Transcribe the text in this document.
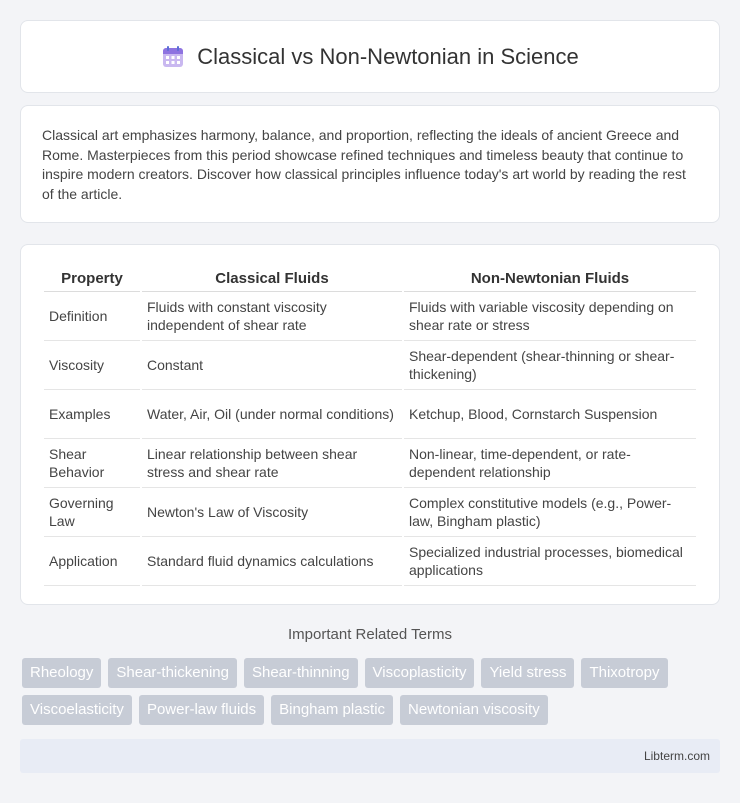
Classical vs Non-Newtonian in Science

Classical art emphasizes harmony, balance, and proportion, reflecting the ideals of ancient Greece and Rome. Masterpieces from this period showcase refined techniques and timeless beauty that continue to inspire modern creators. Discover how classical principles influence today's art world by reading the rest of the article.

Property	Classical Fluids	Non-Newtonian Fluids
Definition	Fluids with constant viscosity independent of shear rate	Fluids with variable viscosity depending on shear rate or stress
Viscosity	Constant	Shear-dependent (shear-thinning or shear-thickening)
Examples	Water, Air, Oil (under normal conditions)	Ketchup, Blood, Cornstarch Suspension
Shear Behavior	Linear relationship between shear stress and shear rate	Non-linear, time-dependent, or rate-dependent relationship
Governing Law	Newton's Law of Viscosity	Complex constitutive models (e.g., Power-law, Bingham plastic)
Application	Standard fluid dynamics calculations	Specialized industrial processes, biomedical applications
Important Related Terms
Rheology	Shear-thickening	Shear-thinning	Viscoplasticity	Yield stress	Thixotropy
Viscoelasticity	Power-law fluids	Bingham plastic	Newtonian viscosity
Libterm.com
